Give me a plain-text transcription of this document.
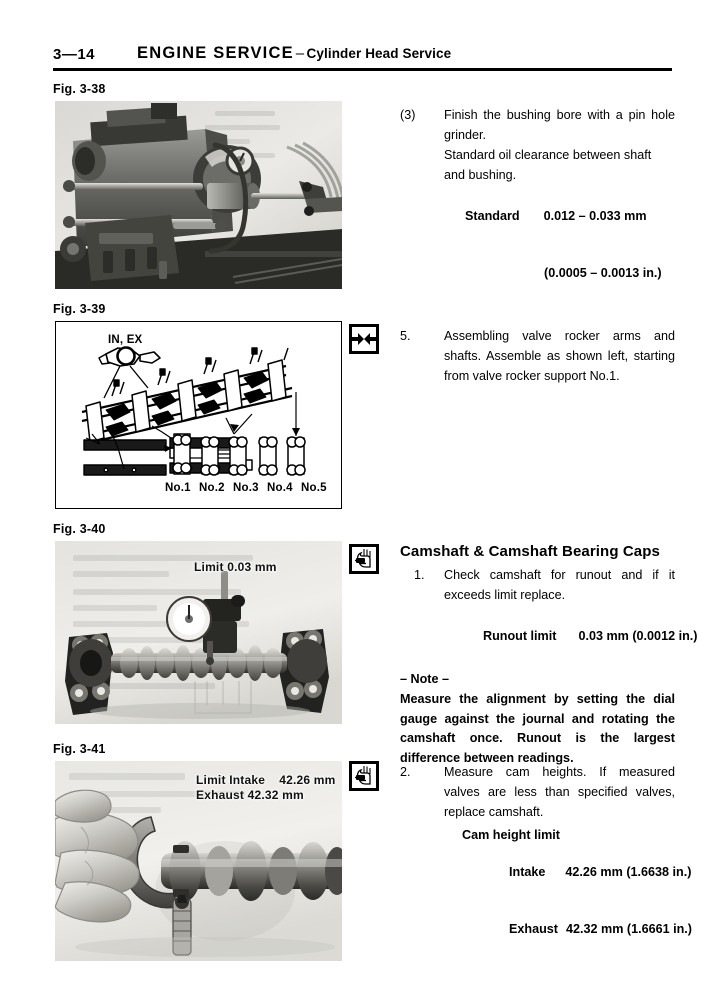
3—14	ENGINE SERVICE – Cylinder Head Service
Fig. 3-38
(3)	Finish the bushing bore with a pin hole grinder.
Standard oil clearance between shaft and bushing.

Standard 0.012 – 0.033 mm

(0.0005 – 0.0013 in.)

Fig. 3-39
IN, EX
No.1 No.2 No.3 No.4 No.5
5.	Assembling valve rocker arms and shafts. Assemble as shown left, starting from valve rocker support No.1.
Fig. 3-40
Limit 0.03 mm
Camshaft & Camshaft Bearing Caps
1.	Check camshaft for runout and if it exceeds limit replace.

Runout limit 0.03 mm (0.0012 in.)

– Note –
Measure the alignment by setting the dial gauge against the journal and rotating the camshaft once. Runout is the largest difference between readings.
Fig. 3-41
Limit Intake    42.26 mm
Exhaust 42.32 mm
2.	Measure cam heights. If measured valves are less than specified valves, replace camshaft.
Cam height limit

Intake 42.26 mm (1.6638 in.)

Exhaust 42.32 mm (1.6661 in.)
